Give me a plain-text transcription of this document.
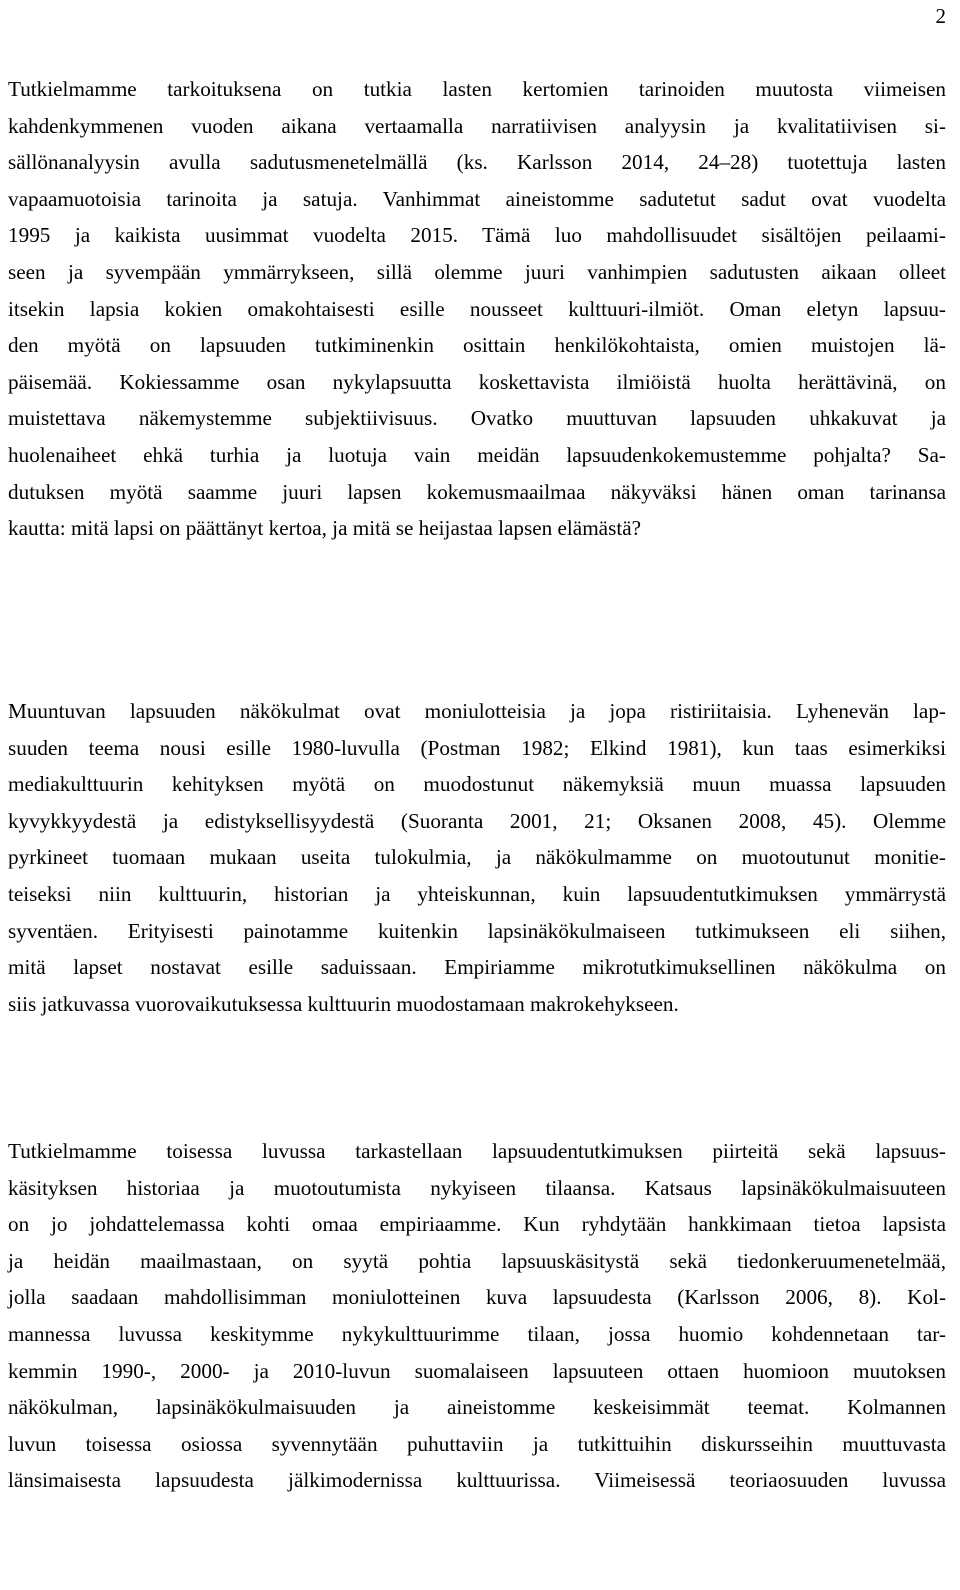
2
Tutkielmamme tarkoituksena on tutkia lasten kertomien tarinoiden muutosta viimeisen
kahdenkymmenen vuoden aikana vertaamalla narratiivisen analyysin ja kvalitatiivisen si-
sällönanalyysin avulla sadutusmenetelmällä (ks. Karlsson 2014, 24–28) tuotettuja lasten
vapaamuotoisia tarinoita ja satuja. Vanhimmat aineistomme sadutetut sadut ovat vuodelta
1995 ja kaikista uusimmat vuodelta 2015. Tämä luo mahdollisuudet sisältöjen peilaami-
seen ja syvempään ymmärrykseen, sillä olemme juuri vanhimpien sadutusten aikaan olleet
itsekin lapsia kokien omakohtaisesti esille nousseet kulttuuri-ilmiöt. Oman eletyn lapsuu-
den myötä on lapsuuden tutkiminenkin osittain henkilökohtaista, omien muistojen lä-
päisemää. Kokiessamme osan nykylapsuutta koskettavista ilmiöistä huolta herättävinä, on
muistettava näkemystemme subjektiivisuus. Ovatko muuttuvan lapsuuden uhkakuvat ja
huolenaiheet ehkä turhia ja luotuja vain meidän lapsuudenkokemustemme pohjalta? Sa-
dutuksen myötä saamme juuri lapsen kokemusmaailmaa näkyväksi hänen oman tarinansa
kautta: mitä lapsi on päättänyt kertoa, ja mitä se heijastaa lapsen elämästä?
Muuntuvan lapsuuden näkökulmat ovat moniulotteisia ja jopa ristiriitaisia. Lyhenevän lap-
suuden teema nousi esille 1980-luvulla (Postman 1982; Elkind 1981), kun taas esimerkiksi
mediakulttuurin kehityksen myötä on muodostunut näkemyksiä muun muassa lapsuuden
kyvykkyydestä ja edistyksellisyydestä (Suoranta 2001, 21; Oksanen 2008, 45). Olemme
pyrkineet tuomaan mukaan useita tulokulmia, ja näkökulmamme on muotoutunut monitie-
teiseksi niin kulttuurin, historian ja yhteiskunnan, kuin lapsuudentutkimuksen ymmärrystä
syventäen. Erityisesti painotamme kuitenkin lapsinäkökulmaiseen tutkimukseen eli siihen,
mitä lapset nostavat esille saduissaan. Empiriamme mikrotutkimuksellinen näkökulma on
siis jatkuvassa vuorovaikutuksessa kulttuurin muodostamaan makrokehykseen.
Tutkielmamme toisessa luvussa tarkastellaan lapsuudentutkimuksen piirteitä sekä lapsuus-
käsityksen historiaa ja muotoutumista nykyiseen tilaansa. Katsaus lapsinäkökulmaisuuteen
on jo johdattelemassa kohti omaa empiriaamme. Kun ryhdytään hankkimaan tietoa lapsista
ja heidän maailmastaan, on syytä pohtia lapsuuskäsitystä sekä tiedonkeruumenetelmää,
jolla saadaan mahdollisimman moniulotteinen kuva lapsuudesta (Karlsson 2006, 8). Kol-
mannessa luvussa keskitymme nykykulttuurimme tilaan, jossa huomio kohdennetaan tar-
kemmin 1990-, 2000- ja 2010-luvun suomalaiseen lapsuuteen ottaen huomioon muutoksen
näkökulman, lapsinäkökulmaisuuden ja aineistomme keskeisimmät teemat. Kolmannen
luvun toisessa osiossa syvennytään puhuttaviin ja tutkittuihin diskursseihin muuttuvasta
länsimaisesta lapsuudesta jälkimodernissa kulttuurissa. Viimeisessä teoriaosuuden luvussa
